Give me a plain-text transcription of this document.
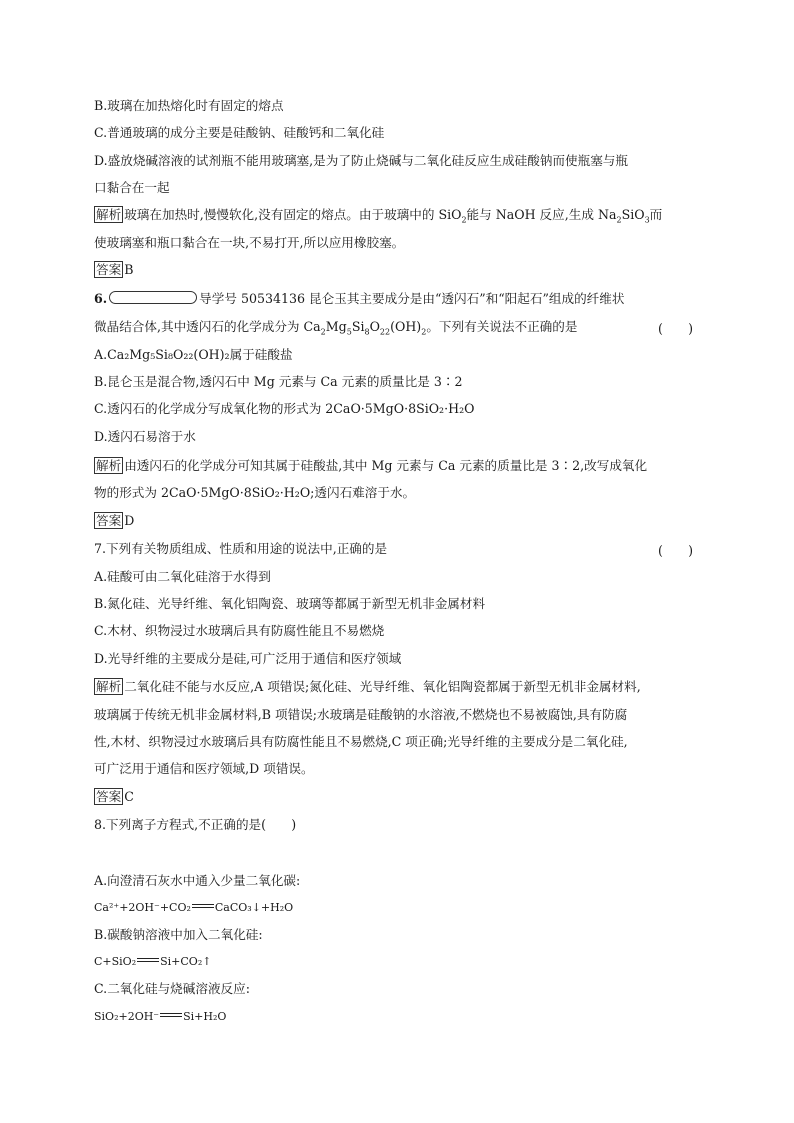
B.玻璃在加热熔化时有固定的熔点
C.普通玻璃的成分主要是硅酸钠、硅酸钙和二氧化硅
D.盛放烧碱溶液的试剂瓶不能用玻璃塞,是为了防止烧碱与二氧化硅反应生成硅酸钠而使瓶塞与瓶
口黏合在一起
解析 玻璃在加热时,慢慢软化,没有固定的熔点。由于玻璃中的 SiO$_2$能与 NaOH 反应,生成 $Na_2SiO_3$而
使玻璃塞和瓶口黏合在一块,不易打开,所以应用橡胶塞。
答案 B
6.	导学号 50534136 昆仑玉其主要成分是由“透闪石”和“阳起石”组成的纤维状
微晶结合体,其中透闪石的化学成分为 $Ca_2Mg_5Si_8O_{22}(OH)_2$。下列有关说法不正确的是	(　　)
A.Ca₂Mg₅Si₈O₂₂(OH)₂属于硅酸盐
B.昆仑玉是混合物,透闪石中 Mg 元素与 Ca 元素的质量比是 3∶2
C.透闪石的化学成分写成氧化物的形式为 2CaO·5MgO·8SiO₂·H₂O
D.透闪石易溶于水
解析 由透闪石的化学成分可知其属于硅酸盐,其中 Mg 元素与 Ca 元素的质量比是 3∶2,改写成氧化
物的形式为 2CaO·5MgO·8SiO₂·H₂O;透闪石难溶于水。
答案 D
7.下列有关物质组成、性质和用途的说法中,正确的是	(　　)
A.硅酸可由二氧化硅溶于水得到
B.氮化硅、光导纤维、氧化铝陶瓷、玻璃等都属于新型无机非金属材料
C.木材、织物浸过水玻璃后具有防腐性能且不易燃烧
D.光导纤维的主要成分是硅,可广泛用于通信和医疗领域
解析 二氧化硅不能与水反应,A 项错误;氮化硅、光导纤维、氧化铝陶瓷都属于新型无机非金属材料,
玻璃属于传统无机非金属材料,B 项错误;水玻璃是硅酸钠的水溶液,不燃烧也不易被腐蚀,具有防腐
性,木材、织物浸过水玻璃后具有防腐性能且不易燃烧,C 项正确;光导纤维的主要成分是二氧化硅,
可广泛用于通信和医疗领域,D 项错误。
答案 C
8.下列离子方程式,不正确的是(　　)
A.向澄清石灰水中通入少量二氧化碳:
Ca²⁺+2OH⁻+CO₂ CaCO₃↓+H₂O
B.碳酸钠溶液中加入二氧化硅:
C+SiO₂ Si+CO₂↑
C.二氧化硅与烧碱溶液反应:
SiO₂+2OH⁻ Si+H₂O
